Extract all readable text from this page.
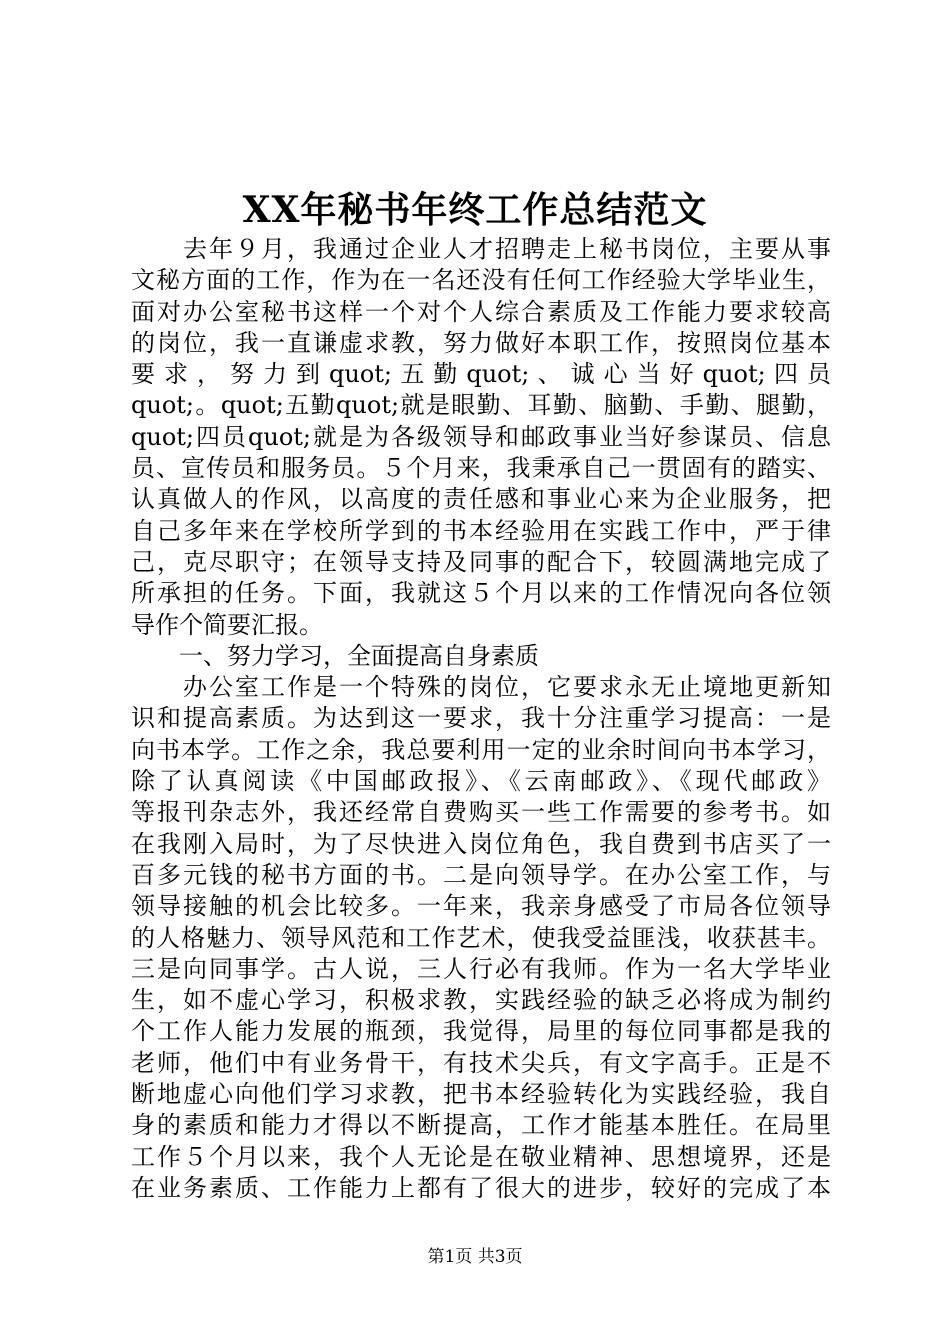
XX年秘书年终工作总结范文
　　去年９月，我通过企业人才招聘走上秘书岗位，主要从事
文秘方面的工作，作为在一名还没有任何工作经验大学毕业生，
面对办公室秘书这样一个对个人综合素质及工作能力要求较高
的岗位，我一直谦虚求教，努力做好本职工作，按照岗位基本
要 求 ， 努 力 到 quot; 五 勤 quot; 、 诚 心 当 好 quot; 四 员
quot;。quot;五勤quot;就是眼勤、耳勤、脑勤、手勤、腿勤，
quot;四员quot;就是为各级领导和邮政事业当好参谋员、信息
员、宣传员和服务员。５个月来，我秉承自己一贯固有的踏实、
认真做人的作风，以高度的责任感和事业心来为企业服务，把
自己多年来在学校所学到的书本经验用在实践工作中，严于律
己，克尽职守；在领导支持及同事的配合下，较圆满地完成了
所承担的任务。下面，我就这５个月以来的工作情况向各位领
导作个简要汇报。
　　一、努力学习，全面提高自身素质
　　办公室工作是一个特殊的岗位，它要求永无止境地更新知
识和提高素质。为达到这一要求，我十分注重学习提高：一是
向书本学。工作之余，我总要利用一定的业余时间向书本学习，
除了认真阅读《中国邮政报》、《云南邮政》、《现代邮政》
等报刊杂志外，我还经常自费购买一些工作需要的参考书。如
在我刚入局时，为了尽快进入岗位角色，我自费到书店买了一
百多元钱的秘书方面的书。二是向领导学。在办公室工作，与
领导接触的机会比较多。一年来，我亲身感受了市局各位领导
的人格魅力、领导风范和工作艺术，使我受益匪浅，收获甚丰。
三是向同事学。古人说，三人行必有我师。作为一名大学毕业
生，如不虚心学习，积极求教，实践经验的缺乏必将成为制约
个工作人能力发展的瓶颈，我觉得，局里的每位同事都是我的
老师，他们中有业务骨干，有技术尖兵，有文字高手。正是不
断地虚心向他们学习求教，把书本经验转化为实践经验，我自
身的素质和能力才得以不断提高，工作才能基本胜任。在局里
工作５个月以来，我个人无论是在敬业精神、思想境界，还是
在业务素质、工作能力上都有了很大的进步，较好的完成了本
第1页 共3页
